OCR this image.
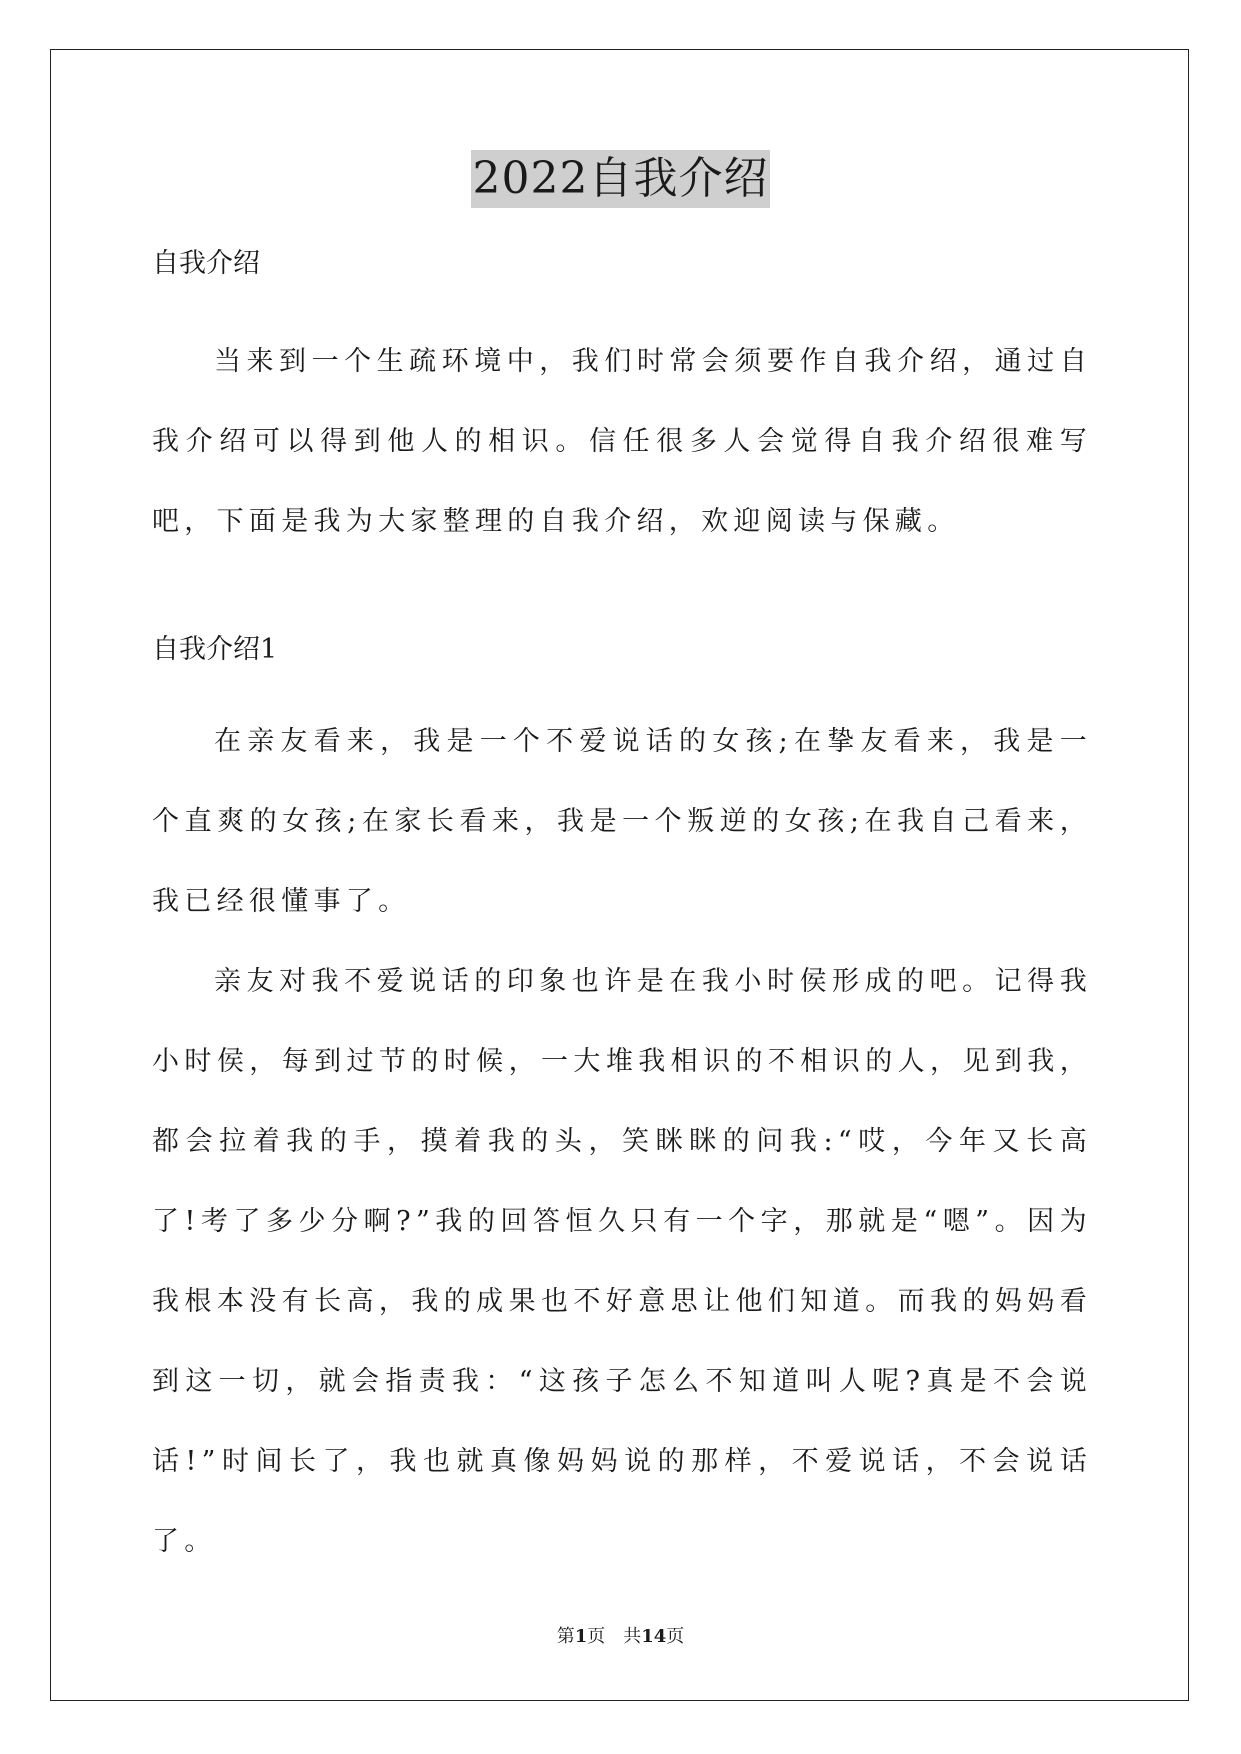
2022自我介绍

自我介绍

当来到一个生疏环境中，我们时常会须要作自我介绍，通过自我介绍可以得到他人的相识。信任很多人会觉得自我介绍很难写吧，下面是我为大家整理的自我介绍，欢迎阅读与保藏。

自我介绍1

在亲友看来，我是一个不爱说话的女孩;在挚友看来，我是一个直爽的女孩;在家长看来，我是一个叛逆的女孩;在我自己看来，我已经很懂事了。

亲友对我不爱说话的印象也许是在我小时侯形成的吧。记得我小时侯，每到过节的时候，一大堆我相识的不相识的人，见到我，都会拉着我的手，摸着我的头，笑眯眯的问我:“哎，今年又长高了!考了多少分啊?”我的回答恒久只有一个字，那就是“嗯”。因为我根本没有长高，我的成果也不好意思让他们知道。而我的妈妈看到这一切，就会指责我：“这孩子怎么不知道叫人呢?真是不会说话!”时间长了，我也就真像妈妈说的那样，不爱说话，不会说话了。

第1页　共14页
